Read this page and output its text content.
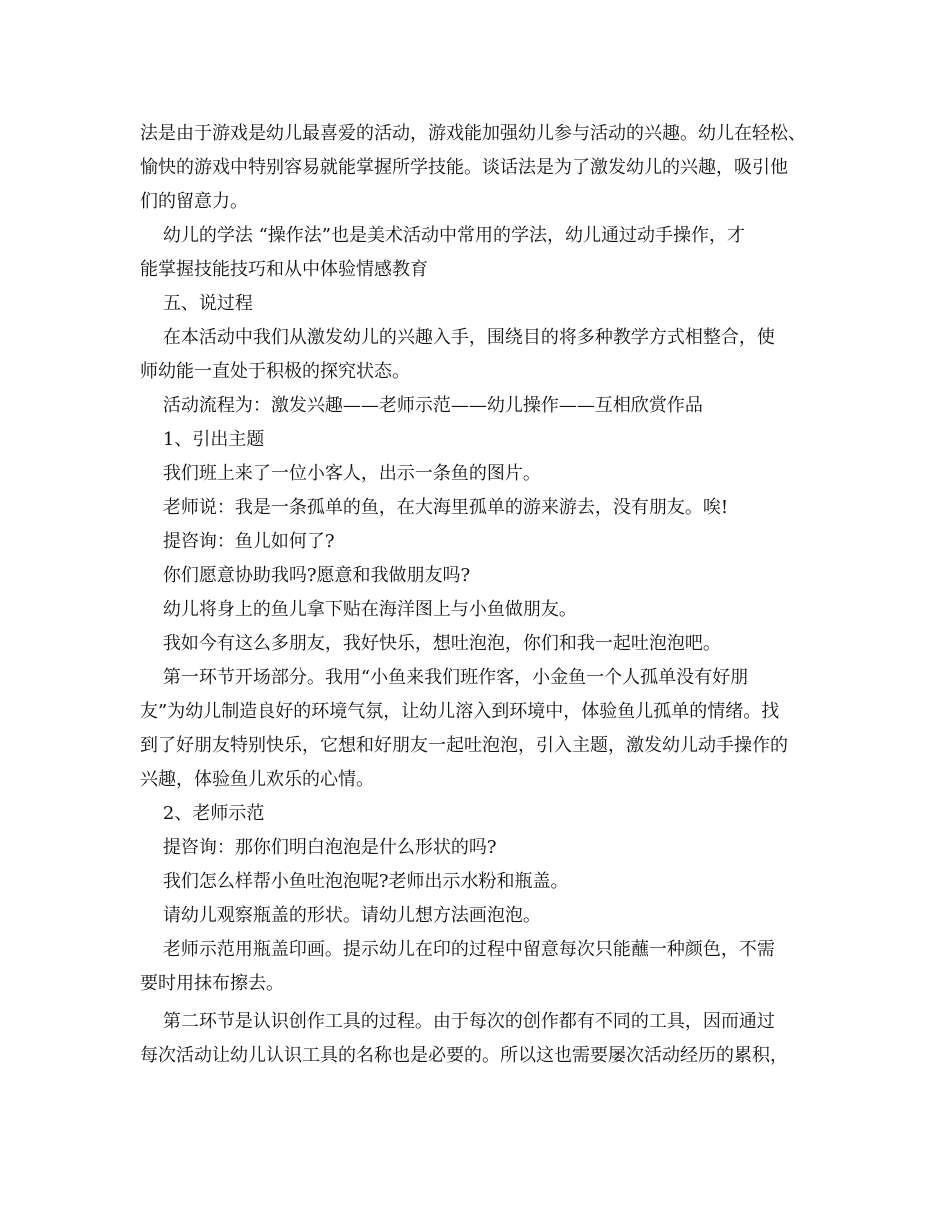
法是由于游戏是幼儿最喜爱的活动，游戏能加强幼儿参与活动的兴趣。幼儿在轻松、
愉快的游戏中特别容易就能掌握所学技能。谈话法是为了激发幼儿的兴趣，吸引他
们的留意力。
幼儿的学法 “操作法”也是美术活动中常用的学法，幼儿通过动手操作，才
能掌握技能技巧和从中体验情感教育
五、说过程
在本活动中我们从激发幼儿的兴趣入手，围绕目的将多种教学方式相整合，使
师幼能一直处于积极的探究状态。
活动流程为：激发兴趣——老师示范——幼儿操作——互相欣赏作品
1、引出主题
我们班上来了一位小客人，出示一条鱼的图片。
老师说：我是一条孤单的鱼，在大海里孤单的游来游去，没有朋友。唉!
提咨询：鱼儿如何了?
你们愿意协助我吗?愿意和我做朋友吗?
幼儿将身上的鱼儿拿下贴在海洋图上与小鱼做朋友。
我如今有这么多朋友，我好快乐，想吐泡泡，你们和我一起吐泡泡吧。
第一环节开场部分。我用“小鱼来我们班作客，小金鱼一个人孤单没有好朋
友”为幼儿制造良好的环境气氛，让幼儿溶入到环境中，体验鱼儿孤单的情绪。找
到了好朋友特别快乐，它想和好朋友一起吐泡泡，引入主题，激发幼儿动手操作的
兴趣，体验鱼儿欢乐的心情。
2、老师示范
提咨询：那你们明白泡泡是什么形状的吗?
我们怎么样帮小鱼吐泡泡呢?老师出示水粉和瓶盖。
请幼儿观察瓶盖的形状。请幼儿想方法画泡泡。
老师示范用瓶盖印画。提示幼儿在印的过程中留意每次只能蘸一种颜色，不需
要时用抹布擦去。
第二环节是认识创作工具的过程。由于每次的创作都有不同的工具，因而通过
每次活动让幼儿认识工具的名称也是必要的。所以这也需要屡次活动经历的累积，
